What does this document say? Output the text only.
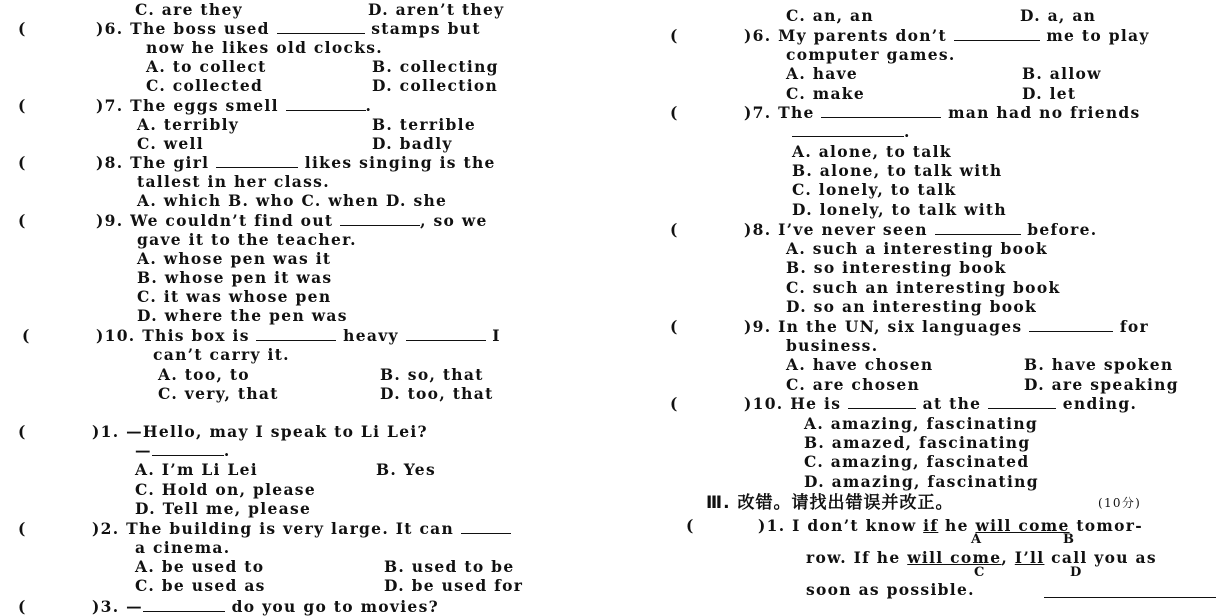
C. are they	D. aren’t they
(	)6. The boss used	stamps but
now he likes old clocks.
A. to collect	B. collecting
C. collected	D. collection
(	)7. The eggs smell	.
A. terribly	B. terrible
C. well	D. badly
(	)8. The girl	likes singing is the
tallest in her class.
A. which B. who C. when D. she
(	)9. We couldn’t find out	, so we
gave it to the teacher.
A. whose pen was it
B. whose pen it was
C. it was whose pen
D. where the pen was
(	)10. This box is	heavy	I
can’t carry it.
A. too, to	B. so, that
C. very, that	D. too, that
(	)1. —Hello, may I speak to Li Lei?
—	.
A. I’m Li Lei	B. Yes
C. Hold on, please
D. Tell me, please
(	)2. The building is very large. It can
a cinema.
A. be used to	B. used to be
C. be used as	D. be used for
(	)3. —	do you go to movies?
C. an, an	D. a, an
(	)6. My parents don’t	me to play
computer games.
A. have	B. allow
C. make	D. let
(	)7. The	man had no friends
.
A. alone, to talk
B. alone, to talk with
C. lonely, to talk
D. lonely, to talk with
(	)8. I’ve never seen	before.
A. such a interesting book
B. so interesting book
C. such an interesting book
D. so an interesting book
(	)9. In the UN, six languages	for
business.
A. have chosen	B. have spoken
C. are chosen	D. are speaking
(	)10. He is	at the	ending.
A. amazing, fascinating
B. amazed, fascinating
C. amazing, fascinated
D. amazing, fascinating
Ⅲ. 改错。请找出错误并改正。	(10分)
(	)1. I don’t know if he will come tomor-
A	B
row. If he will come, I’ll call you as
C	D
soon as possible.
